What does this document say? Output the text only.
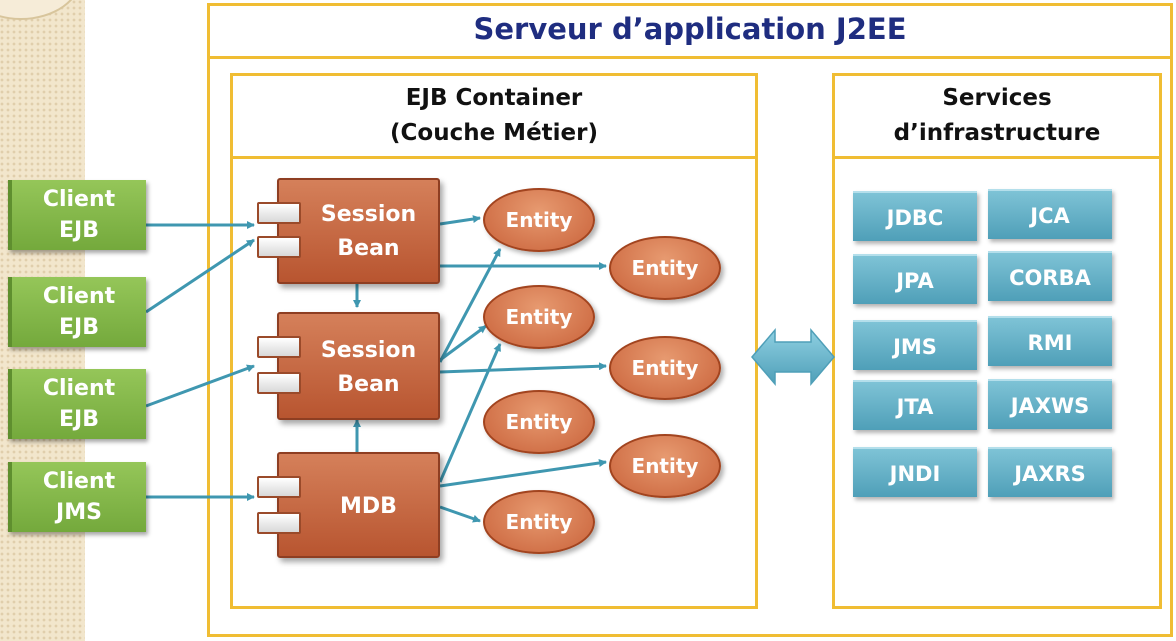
Serveur d’application J2EE
EJB Container
(Couche Métier)
Services
d’infrastructure
JDBC	JCA
JPA	CORBA
JMS	RMI
JTA	JAXWS
JNDI	JAXRS
Client
EJB
Client
EJB
Client
EJB
Client
JMS
Session
Bean
Session
Bean
MDB
Entity
Entity
Entity
Entity
Entity
Entity
Entity
